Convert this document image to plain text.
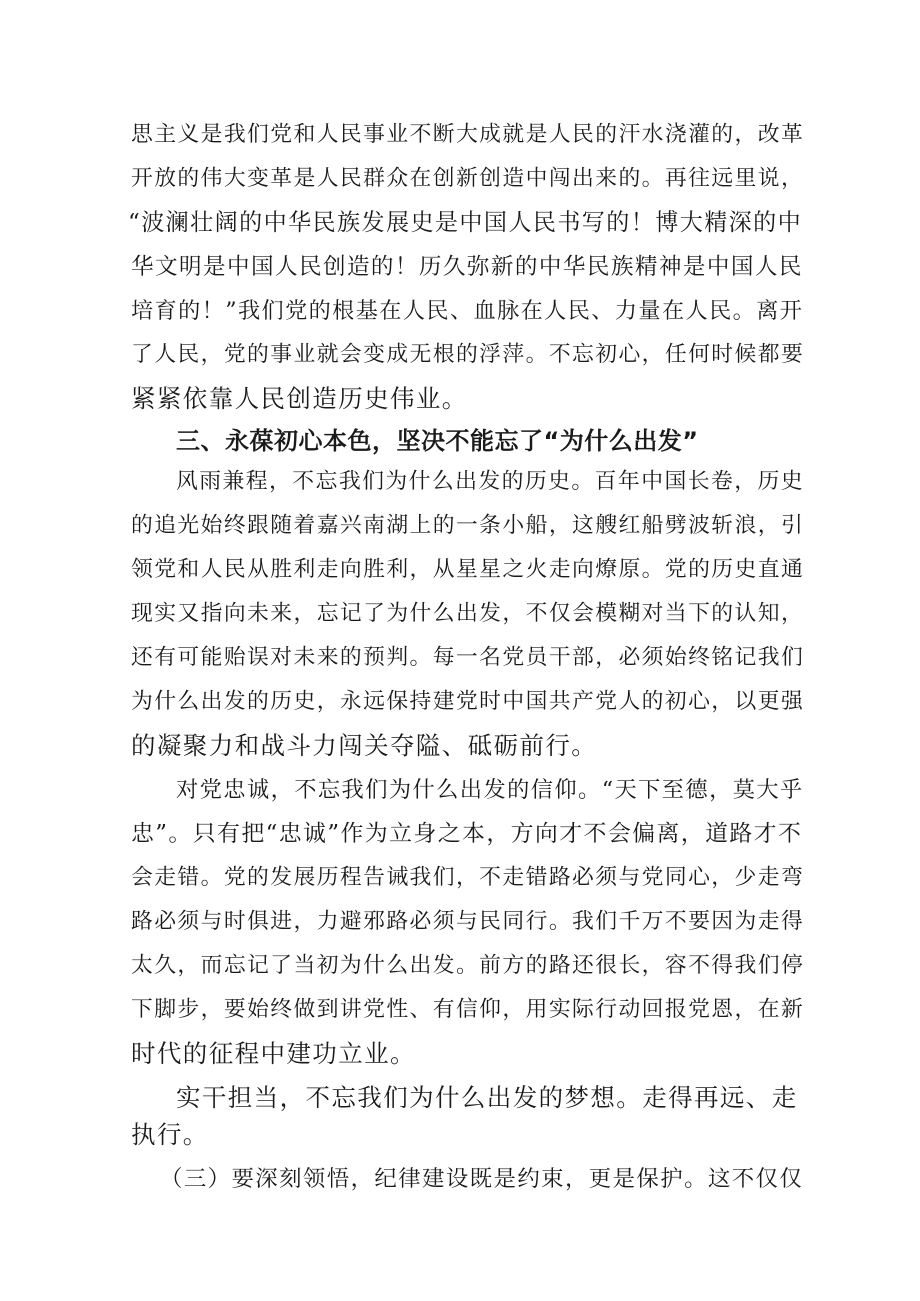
思主义是我们党和人民事业不断大成就是人民的汗水浇灌的，改革

开放的伟大变革是人民群众在创新创造中闯出来的。再往远里说，

“波澜壮阔的中华民族发展史是中国人民书写的！博大精深的中

华文明是中国人民创造的！历久弥新的中华民族精神是中国人民

培育的！”我们党的根基在人民、血脉在人民、力量在人民。离开

了人民，党的事业就会变成无根的浮萍。不忘初心，任何时候都要

紧紧依靠人民创造历史伟业。

三、永葆初心本色，坚决不能忘了“为什么出发”

风雨兼程，不忘我们为什么出发的历史。百年中国长卷，历史

的追光始终跟随着嘉兴南湖上的一条小船，这艘红船劈波斩浪，引

领党和人民从胜利走向胜利，从星星之火走向燎原。党的历史直通

现实又指向未来，忘记了为什么出发，不仅会模糊对当下的认知，

还有可能贻误对未来的预判。每一名党员干部，必须始终铭记我们

为什么出发的历史，永远保持建党时中国共产党人的初心，以更强

的凝聚力和战斗力闯关夺隘、砥砺前行。

对党忠诚，不忘我们为什么出发的信仰。“天下至德，莫大乎

忠”。只有把“忠诚”作为立身之本，方向才不会偏离，道路才不

会走错。党的发展历程告诫我们，不走错路必须与党同心，少走弯

路必须与时俱进，力避邪路必须与民同行。我们千万不要因为走得

太久，而忘记了当初为什么出发。前方的路还很长，容不得我们停

下脚步，要始终做到讲党性、有信仰，用实际行动回报党恩，在新

时代的征程中建功立业。

实干担当，不忘我们为什么出发的梦想。走得再远、走

执行。

（三）要深刻领悟，纪律建设既是约束，更是保护。这不仅仅
